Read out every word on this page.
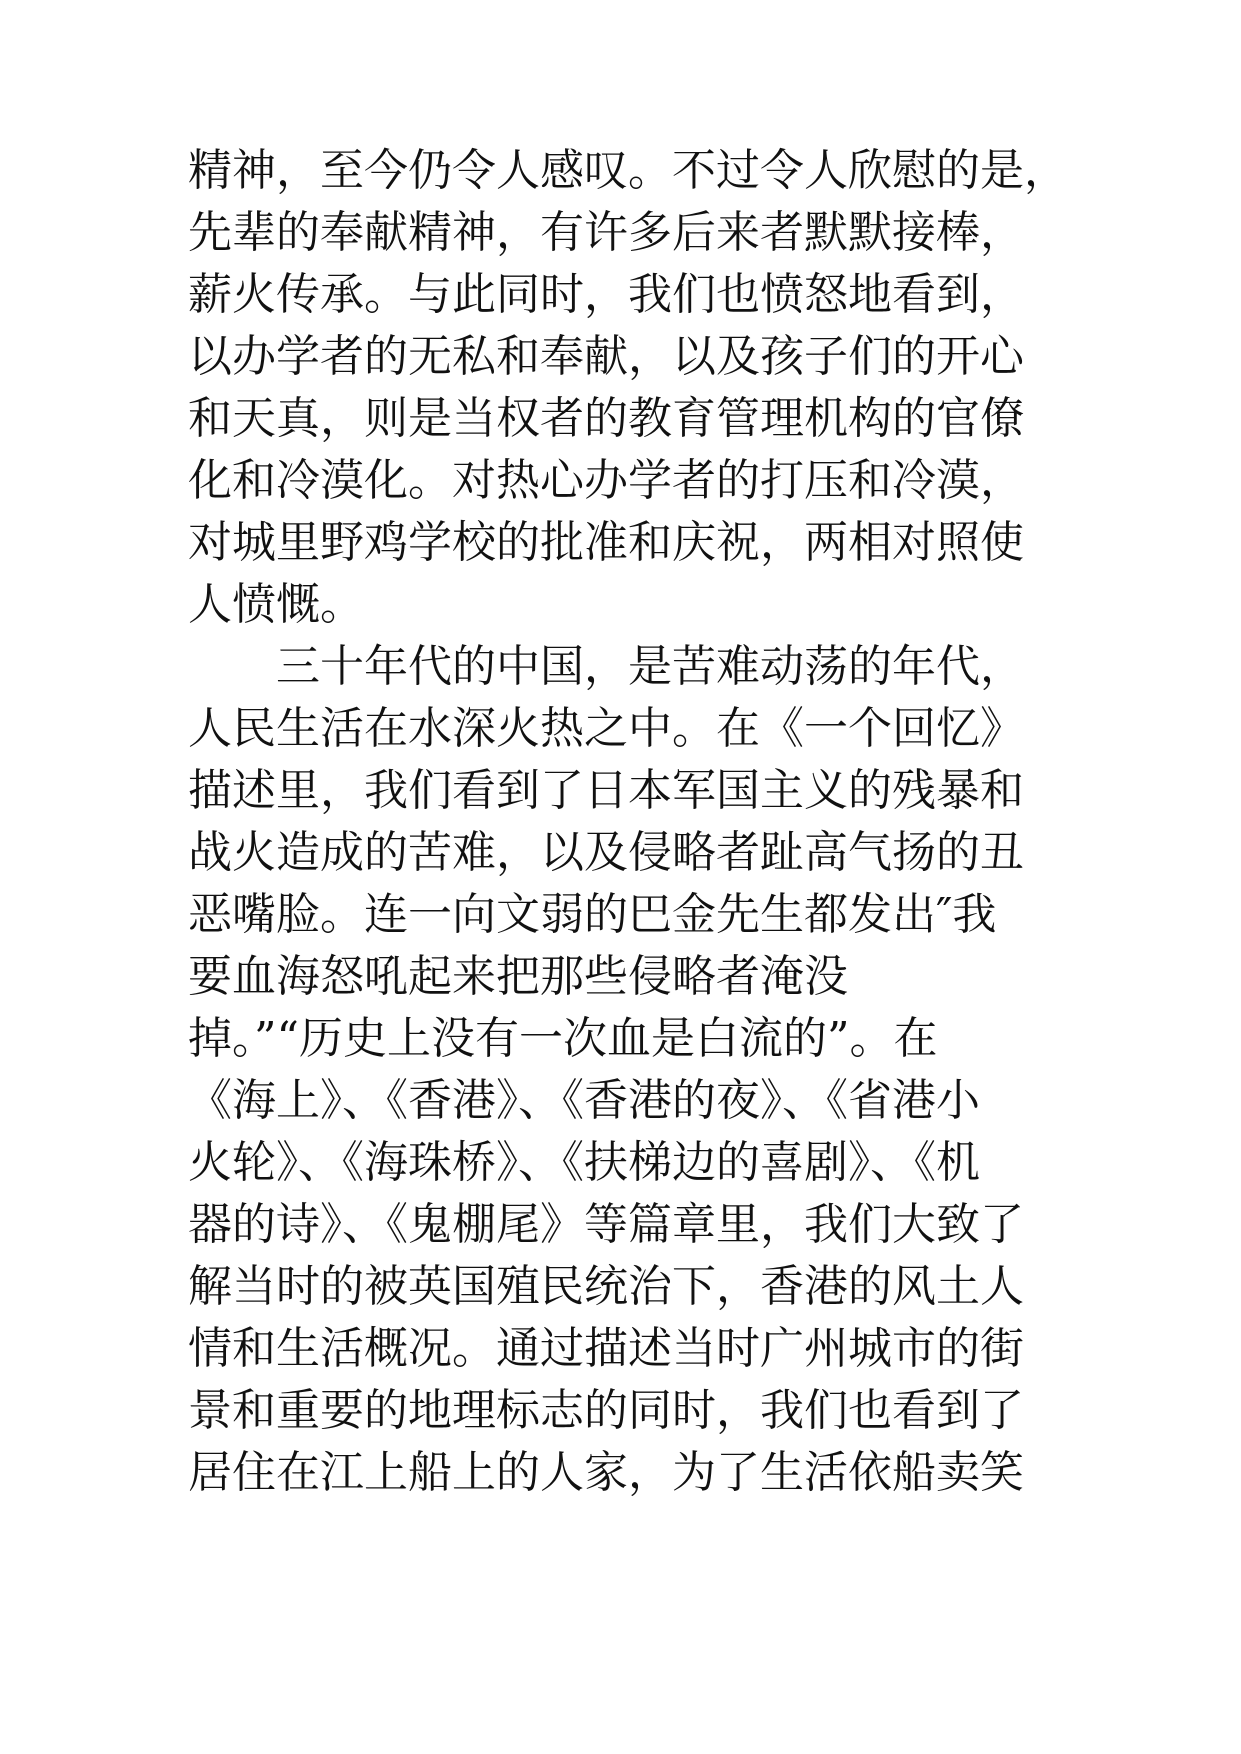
精神，至今仍令人感叹。不过令人欣慰的是，
先辈的奉献精神，有许多后来者默默接棒，
薪火传承。与此同时，我们也愤怒地看到，
以办学者的无私和奉献，以及孩子们的开心
和天真，则是当权者的教育管理机构的官僚
化和冷漠化。对热心办学者的打压和冷漠，
对城里野鸡学校的批准和庆祝，两相对照使
人愤慨。
　　三十年代的中国，是苦难动荡的年代，
人民生活在水深火热之中。在《一个回忆》
描述里，我们看到了日本军国主义的残暴和
战火造成的苦难，以及侵略者趾高气扬的丑
恶嘴脸。连一向文弱的巴金先生都发出″我
要血海怒吼起来把那些侵略者淹没
掉。”“历史上没有一次血是白流的”。在
《海上》、《香港》、《香港的夜》、《省港小
火轮》、《海珠桥》、《扶梯边的喜剧》、《机
器的诗》、《鬼棚尾》等篇章里，我们大致了
解当时的被英国殖民统治下，香港的风土人
情和生活概况。通过描述当时广州城市的街
景和重要的地理标志的同时，我们也看到了
居住在江上船上的人家，为了生活依船卖笑
